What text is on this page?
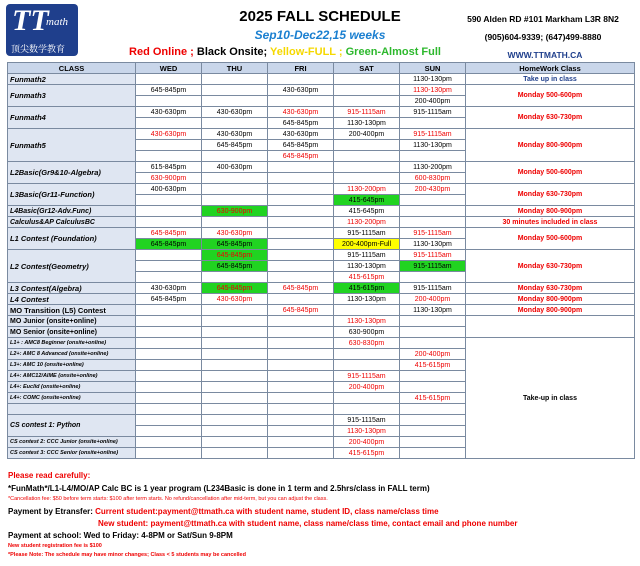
TT
math
顶尖数学教育
2025 FALL SCHEDULE
Sep10-Dec22,15 weeks
590 Alden RD #101 Markham L3R 8N2
(905)604-9339; (647)499-8880
Red Online ; Black Onsite; Yellow-FULL ; Green-Almost Full	WWW.TTMATH.CA
CLASS	WED	THU	FRI	SAT	SUN	HomeWork Class
Funmath2					1130-130pm	Take up in class
Funmath3	645-845pm		430-630pm		1130-130pm	Monday 500-600pm
					200-400pm	
Funmath4	430-630pm	430-630pm	430-630pm	915-1115am	915-1115am	Monday 630-730pm
			645-845pm	1130-130pm		
Funmath5	430-630pm	430-630pm	430-630pm	200-400pm	915-1115am	Monday 800-900pm
		645-845pm	645-845pm		1130-130pm	
			645-845pm			
L2Basic(Gr9&10-Algebra)	615-845pm	400-630pm			1130-200pm	Monday 500-600pm
	630-900pm				600-830pm	
L3Basic(Gr11-Function)	400-630pm			1130-200pm	200-430pm	Monday 630-730pm
				415-645pm		
L4Basic(Gr12-Adv.Func)		630-900pm		415-645pm		Monday 800-900pm
Calculus&AP CalculusBC				1130-200pm		30 minutes included in class
L1 Contest (Foundation)	645-845pm	430-630pm		915-1115am	915-1115am	Monday 500-600pm
	645-845pm	645-845pm		200-400pm-Full	1130-130pm	
L2 Contest(Geometry)		645-845pm		915-1115am	915-1115am	Monday 630-730pm
		645-845pm		1130-130pm	915-1115am	
				415-615pm		
L3 Contest(Algebra)	430-630pm	645-845pm	645-845pm	415-615pm	915-1115am	Monday 630-730pm
L4 Contest	645-845pm	430-630pm		1130-130pm	200-400pm	Monday 800-900pm
MO Transition (L5) Contest			645-845pm		1130-130pm	Monday 800-900pm
MO Junior (onsite+online)				1130-130pm		
MO Senior (onsite+online)				630-900pm		
L1+ : AMC8 Beginner (onsite+online)				630-830pm		Take-up in class
L2+: AMC 8 Advanced (onsite+online)					200-400pm	
L3+: AMC 10 (onsite+online)					415-615pm	
L4+: AMC12/AIME (onsite+online)				915-1115am		
L4+: Euclid (onsite+online)				200-400pm		
L4+: COMC (onsite+online)					415-615pm	

CS contest 1: Python				915-1115am		
				1130-130pm		
CS contest 2: CCC Junior (onsite+online)				200-400pm		
CS contest 3: CCC Senior (onsite+online)				415-615pm		
Please read carefully:
*FunMath*/L1-L4/MO/AP Calc BC is 1 year program (L234Basic is done in 1 term and 2.5hrs/class in FALL term)
*Cancellation fee: $50 before term starts: $100 after term starts. No refund/cancellation after mid-term, but you can adjust the class.
Payment by Etransfer: Current student:payment@ttmath.ca with student name, student ID, class name/class time
New student: payment@ttmath.ca with student name, class name/class time, contact email and phone number
Payment at school: Wed to Friday: 4-8PM or Sat/Sun 9-8PM
New student registration fee is $100
*Please Note: The schedule may have minor changes; Class < 5 students may be cancelled
